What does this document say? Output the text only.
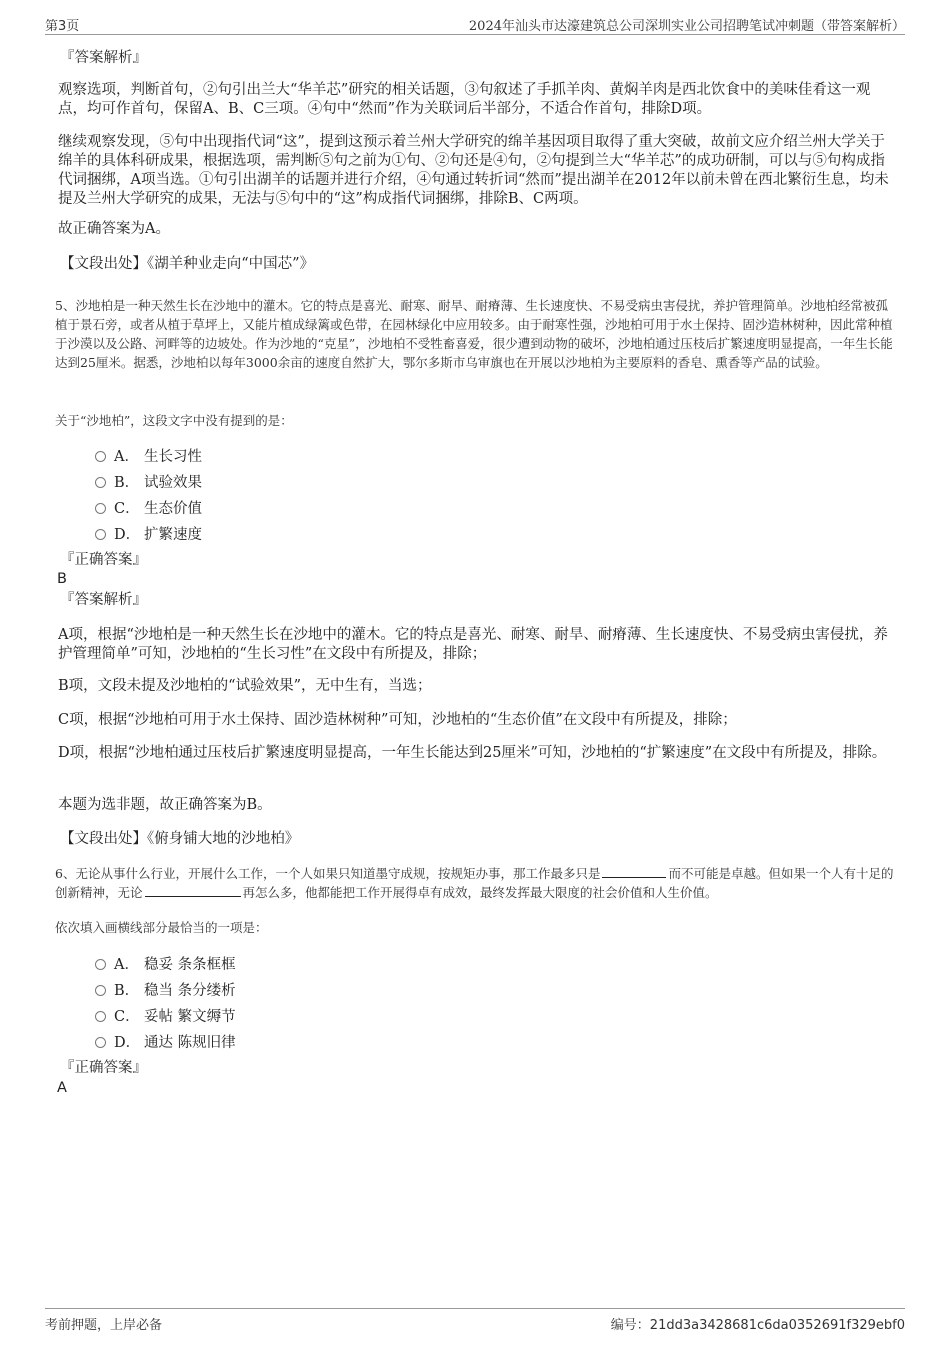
第3页	2024年汕头市达濠建筑总公司深圳实业公司招聘笔试冲刺题（带答案解析）
『答案解析』
观察选项，判断首句，②句引出兰大“华羊芯”研究的相关话题，③句叙述了手抓羊肉、黄焖羊肉是西北饮食中的美味佳肴这一观点，均可作首句，保留A、B、C三项。④句中“然而”作为关联词后半部分，不适合作首句，排除D项。
继续观察发现，⑤句中出现指代词“这”，提到这预示着兰州大学研究的绵羊基因项目取得了重大突破，故前文应介绍兰州大学关于绵羊的具体科研成果，根据选项，需判断⑤句之前为①句、②句还是④句，②句提到兰大“华羊芯”的成功研制，可以与⑤句构成指代词捆绑，A项当选。①句引出湖羊的话题并进行介绍，④句通过转折词“然而”提出湖羊在2012年以前未曾在西北繁衍生息，均未提及兰州大学研究的成果，无法与⑤句中的“这”构成指代词捆绑，排除B、C两项。
故正确答案为A。
【文段出处】《湖羊种业走向“中国芯”》
5、沙地柏是一种天然生长在沙地中的灌木。它的特点是喜光、耐寒、耐旱、耐瘠薄、生长速度快、不易受病虫害侵扰，养护管理简单。沙地柏经常被孤植于景石旁，或者从植于草坪上，又能片植成绿篱或色带，在园林绿化中应用较多。由于耐寒性强，沙地柏可用于水土保持、固沙造林树种，因此常种植于沙漠以及公路、河畔等的边坡处。作为沙地的“克星”，沙地柏不受牲畜喜爱，很少遭到动物的破坏，沙地柏通过压枝后扩繁速度明显提高，一年生长能达到25厘米。据悉，沙地柏以每年3000余亩的速度自然扩大，鄂尔多斯市乌审旗也在开展以沙地柏为主要原料的香皂、熏香等产品的试验。
关于“沙地柏”，这段文字中没有提到的是：
A． 生长习性
B． 试验效果
C． 生态价值
D． 扩繁速度
『正确答案』
B
『答案解析』
A项，根据“沙地柏是一种天然生长在沙地中的灌木。它的特点是喜光、耐寒、耐旱、耐瘠薄、生长速度快、不易受病虫害侵扰，养护管理简单”可知，沙地柏的“生长习性”在文段中有所提及，排除；
B项，文段未提及沙地柏的“试验效果”，无中生有，当选；
C项，根据“沙地柏可用于水土保持、固沙造林树种”可知，沙地柏的“生态价值”在文段中有所提及，排除；
D项，根据“沙地柏通过压枝后扩繁速度明显提高，一年生长能达到25厘米”可知，沙地柏的“扩繁速度”在文段中有所提及，排除。
本题为选非题，故正确答案为B。
【文段出处】《俯身铺大地的沙地柏》
6、无论从事什么行业，开展什么工作，一个人如果只知道墨守成规，按规矩办事，那工作最多只是	而不可能是卓越。但如果一个人有十足的创新精神，无论	再怎么多，他都能把工作开展得卓有成效，最终发挥最大限度的社会价值和人生价值。
依次填入画横线部分最恰当的一项是：
A． 稳妥 条条框框
B． 稳当 条分缕析
C． 妥帖 繁文缛节
D． 通达 陈规旧律
『正确答案』
A
考前押题，上岸必备	编号：21dd3a3428681c6da0352691f329ebf0
